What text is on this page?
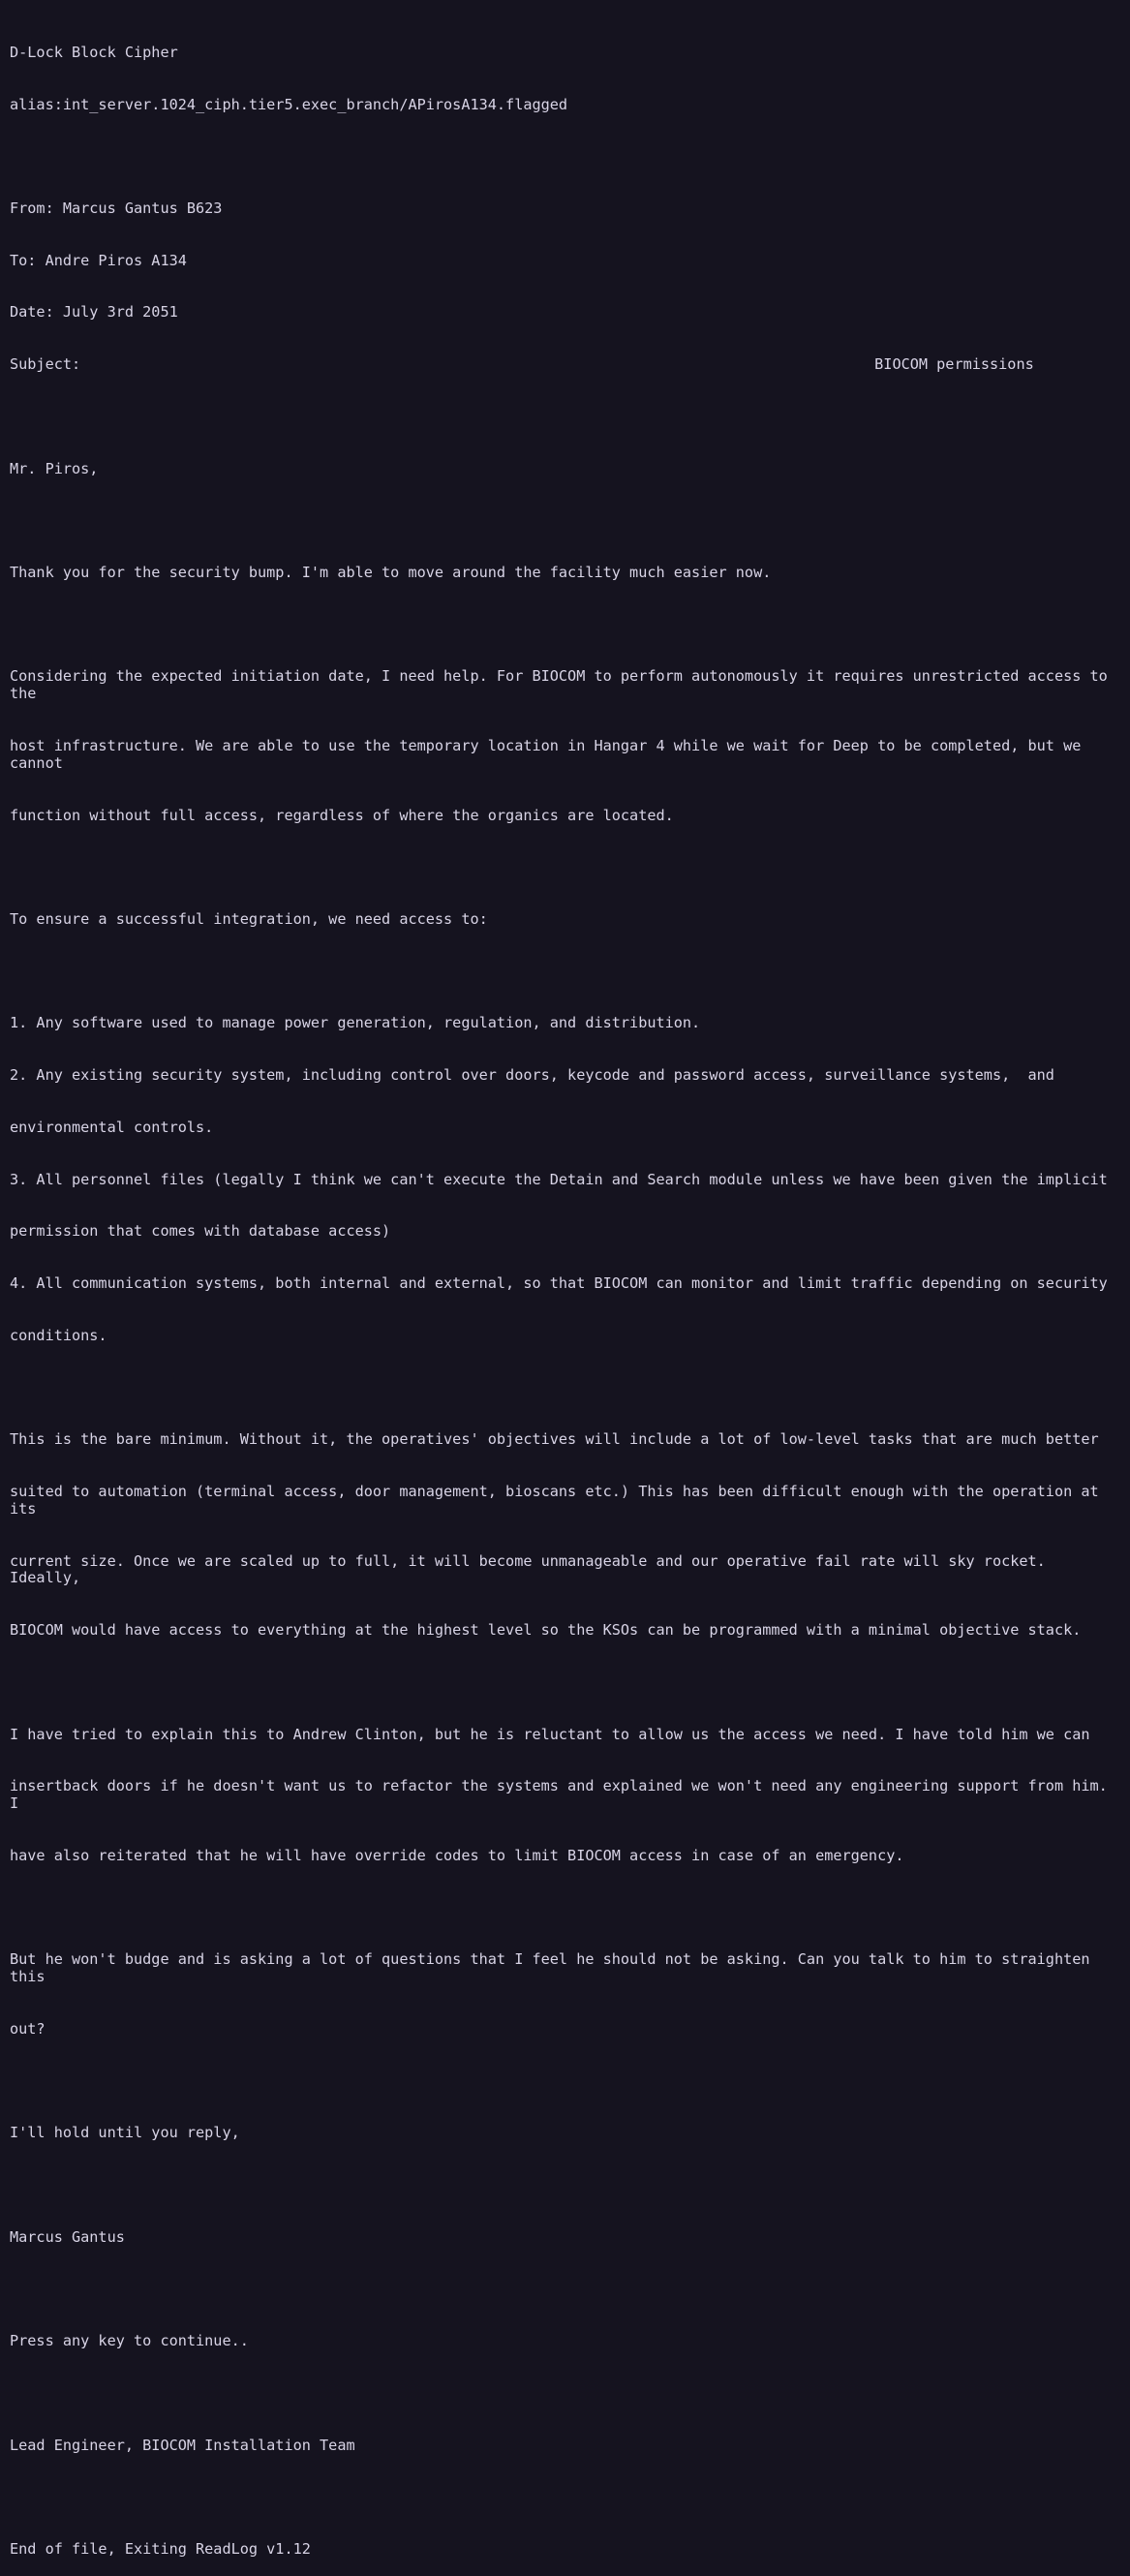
D-Lock Block Cipher

alias:int_server.1024_ciph.tier5.exec_branch/APirosA134.flagged

From: Marcus Gantus B623

To: Andre Piros A134

Date: July 3rd 2051

Subject:	BIOCOM permissions

Mr. Piros,

Thank you for the security bump. I'm able to move around the facility much easier now.

Considering the expected initiation date, I need help. For BIOCOM to perform autonomously it requires unrestricted access to the

host infrastructure. We are able to use the temporary location in Hangar 4 while we wait for Deep to be completed, but we cannot

function without full access, regardless of where the organics are located.

To ensure a successful integration, we need access to:

1. Any software used to manage power generation, regulation, and distribution.

2. Any existing security system, including control over doors, keycode and password access, surveillance systems,  and

environmental controls.

3. All personnel files (legally I think we can't execute the Detain and Search module unless we have been given the implicit

permission that comes with database access)

4. All communication systems, both internal and external, so that BIOCOM can monitor and limit traffic depending on security

conditions.

This is the bare minimum. Without it, the operatives' objectives will include a lot of low-level tasks that are much better

suited to automation (terminal access, door management, bioscans etc.) This has been difficult enough with the operation at its

current size. Once we are scaled up to full, it will become unmanageable and our operative fail rate will sky rocket. Ideally,

BIOCOM would have access to everything at the highest level so the KSOs can be programmed with a minimal objective stack.

I have tried to explain this to Andrew Clinton, but he is reluctant to allow us the access we need. I have told him we can

insertback doors if he doesn't want us to refactor the systems and explained we won't need any engineering support from him. I

have also reiterated that he will have override codes to limit BIOCOM access in case of an emergency.

But he won't budge and is asking a lot of questions that I feel he should not be asking. Can you talk to him to straighten this

out?

I'll hold until you reply,

Marcus Gantus

Press any key to continue..

Lead Engineer, BIOCOM Installation Team

End of file, Exiting ReadLog v1.12
